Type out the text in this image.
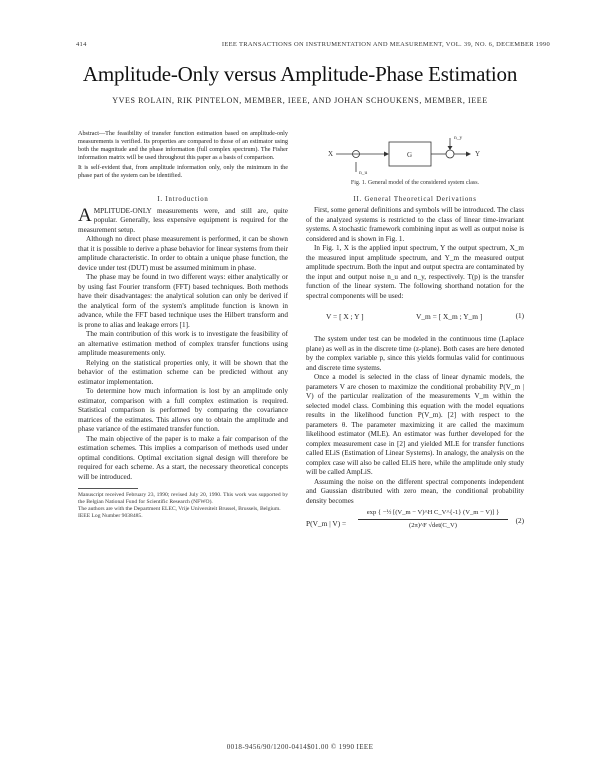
414	IEEE TRANSACTIONS ON INSTRUMENTATION AND MEASUREMENT, VOL. 39, NO. 6, DECEMBER 1990
Amplitude-Only versus Amplitude-Phase Estimation
YVES ROLAIN, RIK PINTELON, MEMBER, IEEE, AND JOHAN SCHOUKENS, MEMBER, IEEE

Abstract—The feasibility of transfer function estimation based on amplitude-only measurements is verified. Its properties are compared to those of an estimator using both the magnitude and the phase information (full complex spectrum). The Fisher information matrix will be used throughout this paper as a basis of comparison.

It is self-evident that, from amplitude information only, only the minimum in the phase part of the system can be identified.

I. Introduction

AMPLITUDE-ONLY measurements were, and still are, quite popular. Generally, less expensive equipment is required for the measurement setup.

Although no direct phase measurement is performed, it can be shown that it is possible to derive a phase behavior for linear systems from their amplitude characteristic. In order to obtain a unique phase function, the device under test (DUT) must be assumed minimum in phase.

The phase may be found in two different ways: either analytically or by using fast Fourier transform (FFT) based techniques. Both methods have their disadvantages: the analytical solution can only be derived if the analytical form of the system's amplitude function is known in advance, while the FFT based technique uses the Hilbert transform and is prone to alias and leakage errors [1].

The main contribution of this work is to investigate the feasibility of an alternative estimation method of complex transfer functions using amplitude measurements only.

Relying on the statistical properties only, it will be shown that the behavior of the estimation scheme can be predicted without any estimator implementation.

To determine how much information is lost by an amplitude only estimator, comparison with a full complex estimation is required. Statistical comparison is performed by comparing the covariance matrices of the estimates. This allows one to obtain the amplitude and phase variance of the estimated transfer function.

The main objective of the paper is to make a fair comparison of the estimation schemes. This implies a comparison of methods used under optimal conditions. Optimal excitation signal design will therefore be required for each scheme. As a start, the necessary theoretical concepts will be introduced.

Manuscript received February 23, 1990; revised July 20, 1990. This work was supported by the Belgian National Fund for Scientific Research (NFWO).

The authors are with the Department ELEC, Vrije Universiteit Brussel, Brussels, Belgium.

IEEE Log Number 9038485.

X	Y
G
n_y
n_u

Fig. 1. General model of the considered system class.

II. General Theoretical Derivations

First, some general definitions and symbols will be introduced. The class of the analyzed systems is restricted to the class of linear time-invariant systems. A stochastic framework combining input as well as output noise is considered and is shown in Fig. 1.

In Fig. 1, X is the applied input spectrum, Y the output spectrum, X_m the measured input amplitude spectrum, and Y_m the measured output amplitude spectrum. Both the input and output spectra are contaminated by the input and output noise n_u and n_y, respectively. T(p) is the transfer function of the linear system. The following shorthand notation for the spectral components will be used:

V = [ X ; Y ]	V_m = [ X_m ; Y_m ]	(1)

The system under test can be modeled in the continuous time (Laplace plane) as well as in the discrete time (z-plane). Both cases are here denoted by the complex variable p, since this yields formulas valid for continuous and discrete time systems.

Once a model is selected in the class of linear dynamic models, the parameters V are chosen to maximize the conditional probability P(V_m | V) of the particular realization of the measurements V_m within the selected model class. Combining this equation with the model equations results in the likelihood function P(V_m). [2] with respect to the parameters θ. The parameter maximizing it are called the maximum likelihood estimator (MLE). An estimator was further developed for the complex measurement case in [2] and yielded MLE for transfer functions called ELiS (Estimation of Linear Systems). In analogy, the analysis on the complex case will also be called ELiS here, while the amplitude only study will be called AmpLiS.

Assuming the noise on the different spectral components independent and Gaussian distributed with zero mean, the conditional probability density becomes

P(V_m | V) =
exp { −½ [(V_m − V)^H C_V^{-1} (V_m − V)] }
(2π)^F √det(C_V)
(2)
0018-9456/90/1200-0414$01.00 © 1990 IEEE
